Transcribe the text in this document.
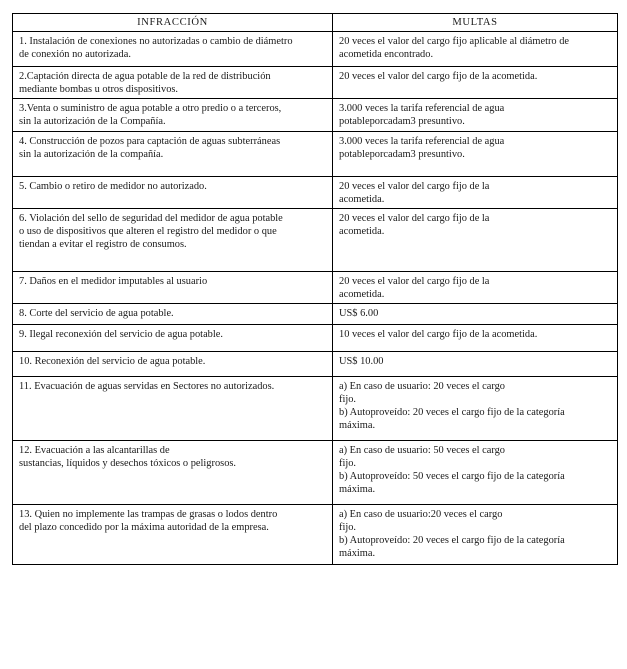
INFRACCIÓN	MULTAS

1. Instalación de conexiones no autorizadas o cambio de diámetro
de conexión no autorizada.	20 veces el valor del cargo fijo aplicable al diámetro de
acometida encontrado.

2.Captación directa de agua potable de la red de distribución
mediante bombas u otros dispositivos.	20 veces el valor del cargo fijo de la acometida.

3.Venta o suministro de agua potable a otro predio o a terceros,
sin la autorización de la Compañía.	3.000 veces la tarifa referencial de agua
potableporcadam3 presuntivo.

4. Construcción de pozos para captación de aguas subterráneas
sin la autorización de la compañía.	3.000 veces la tarifa referencial de agua
potableporcadam3 presuntivo.

5. Cambio o retiro de medidor no autorizado.	20 veces el valor del cargo fijo de la
acometida.

6. Violación del sello de seguridad del medidor de agua potable
o uso de dispositivos que alteren el registro del medidor o que
tiendan a evitar el registro de consumos.	20 veces el valor del cargo fijo de la
acometida.

7. Daños en el medidor imputables al usuario	20 veces el valor del cargo fijo de la
acometida.

8. Corte del servicio de agua potable.	US$ 6.00

9. Ilegal reconexión del servicio de agua potable.	10 veces el valor del cargo fijo de la acometida.

10. Reconexión del servicio de agua potable.	US$ 10.00

11. Evacuación de aguas servidas en Sectores no autorizados.	a) En caso de usuario: 20 veces el cargo
fijo.
b) Autoproveído: 20 veces el cargo fijo de la categoría
máxima.

12. Evacuación a las alcantarillas de
sustancias, líquidos y desechos tóxicos o peligrosos.	a) En caso de usuario: 50 veces el cargo
fijo.
b) Autoproveído: 50 veces el cargo fijo de la categoría
máxima.

13. Quien no implemente las trampas de grasas o lodos dentro
del plazo concedido por la máxima autoridad de la empresa.	a) En caso de usuario:20 veces el cargo
fijo.
b) Autoproveído: 20 veces el cargo fijo de la categoría
máxima.
